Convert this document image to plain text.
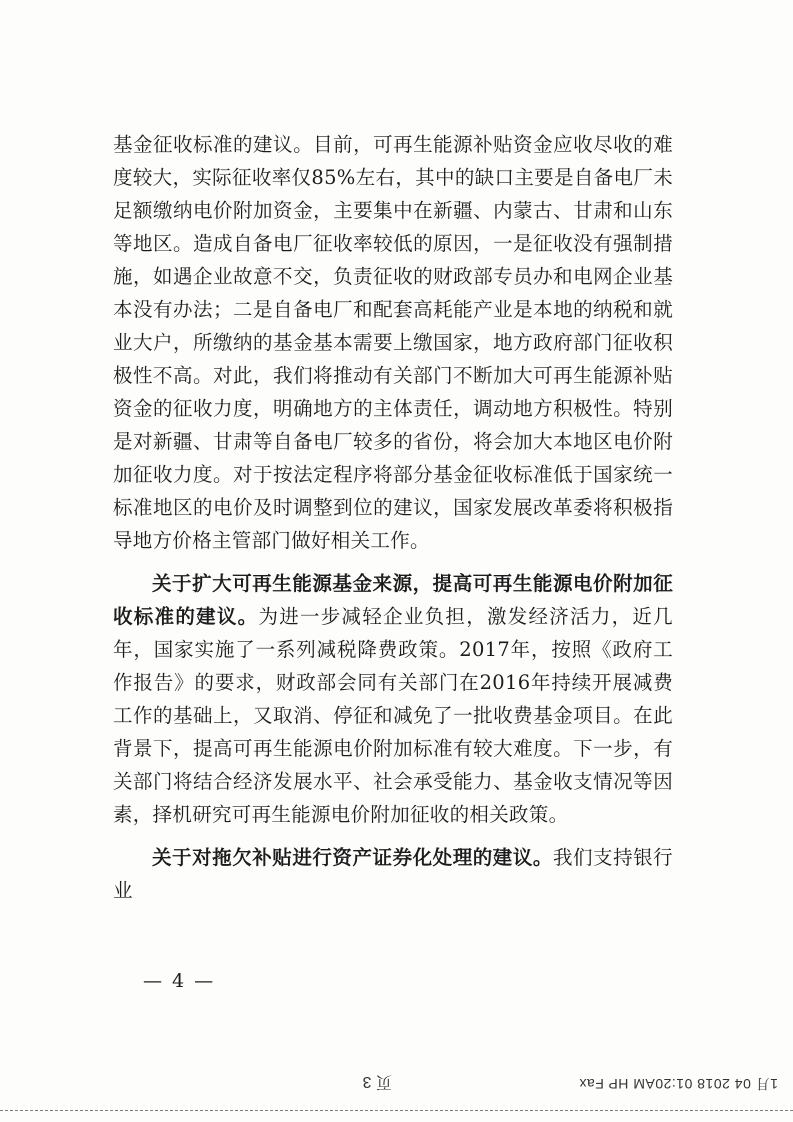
基金征收标准的建议。目前，可再生能源补贴资金应收尽收的难度较大，实际征收率仅85%左右，其中的缺口主要是自备电厂未足额缴纳电价附加资金，主要集中在新疆、内蒙古、甘肃和山东等地区。造成自备电厂征收率较低的原因，一是征收没有强制措施，如遇企业故意不交，负责征收的财政部专员办和电网企业基本没有办法；二是自备电厂和配套高耗能产业是本地的纳税和就业大户，所缴纳的基金基本需要上缴国家，地方政府部门征收积极性不高。对此，我们将推动有关部门不断加大可再生能源补贴资金的征收力度，明确地方的主体责任，调动地方积极性。特别是对新疆、甘肃等自备电厂较多的省份，将会加大本地区电价附加征收力度。对于按法定程序将部分基金征收标准低于国家统一标准地区的电价及时调整到位的建议，国家发展改革委将积极指导地方价格主管部门做好相关工作。

关于扩大可再生能源基金来源，提高可再生能源电价附加征收标准的建议。为进一步减轻企业负担，激发经济活力，近几年，国家实施了一系列减税降费政策。2017年，按照《政府工作报告》的要求，财政部会同有关部门在2016年持续开展减费工作的基础上，又取消、停征和减免了一批收费基金项目。在此背景下，提高可再生能源电价附加标准有较大难度。下一步，有关部门将结合经济发展水平、社会承受能力、基金收支情况等因素，择机研究可再生能源电价附加征收的相关政策。

关于对拖欠补贴进行资产证券化处理的建议。我们支持银行业

— 4 —
页 3	1月 04 2018 01:20AM HP Fax
